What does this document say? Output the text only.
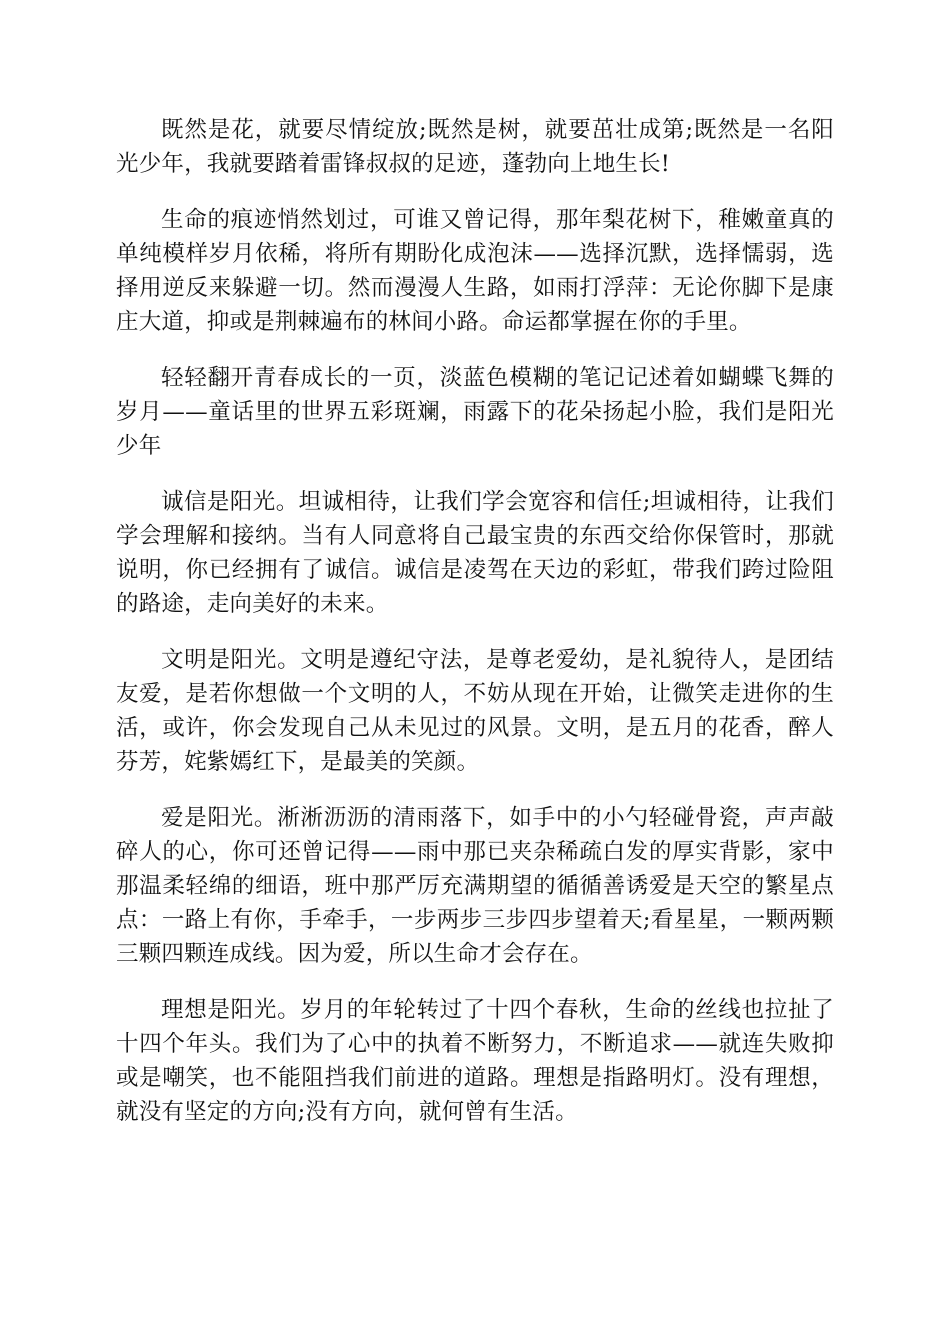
既然是花，就要尽情绽放;既然是树，就要茁壮成第;既然是一名阳光少年，我就要踏着雷锋叔叔的足迹，蓬勃向上地生长!

生命的痕迹悄然划过，可谁又曾记得，那年梨花树下，稚嫩童真的单纯模样岁月依稀，将所有期盼化成泡沫——选择沉默，选择懦弱，选择用逆反来躲避一切。然而漫漫人生路，如雨打浮萍：无论你脚下是康庄大道，抑或是荆棘遍布的林间小路。命运都掌握在你的手里。

轻轻翻开青春成长的一页，淡蓝色模糊的笔记记述着如蝴蝶飞舞的岁月——童话里的世界五彩斑斓，雨露下的花朵扬起小脸，我们是阳光少年

诚信是阳光。坦诚相待，让我们学会宽容和信任;坦诚相待，让我们学会理解和接纳。当有人同意将自己最宝贵的东西交给你保管时，那就说明，你已经拥有了诚信。诚信是凌驾在天边的彩虹，带我们跨过险阻的路途，走向美好的未来。

文明是阳光。文明是遵纪守法，是尊老爱幼，是礼貌待人，是团结友爱，是若你想做一个文明的人，不妨从现在开始，让微笑走进你的生活，或许，你会发现自己从未见过的风景。文明，是五月的花香，醉人芬芳，姹紫嫣红下，是最美的笑颜。

爱是阳光。淅淅沥沥的清雨落下，如手中的小勺轻碰骨瓷，声声敲碎人的心，你可还曾记得——雨中那已夹杂稀疏白发的厚实背影，家中那温柔轻绵的细语，班中那严厉充满期望的循循善诱爱是天空的繁星点点：一路上有你，手牵手，一步两步三步四步望着天;看星星，一颗两颗三颗四颗连成线。因为爱，所以生命才会存在。

理想是阳光。岁月的年轮转过了十四个春秋，生命的丝线也拉扯了十四个年头。我们为了心中的执着不断努力，不断追求——就连失败抑或是嘲笑，也不能阻挡我们前进的道路。理想是指路明灯。没有理想，就没有坚定的方向;没有方向，就何曾有生活。
